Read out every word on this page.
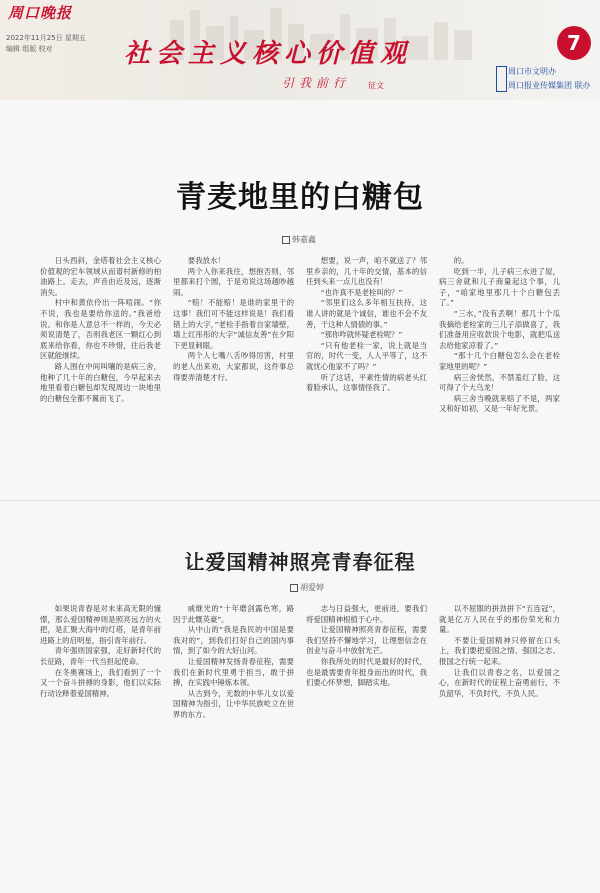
周口晚报
2022年11月25日 星期五
编辑 组版 校对	社会主义核心价值观
引我前行 征文
7
周口市文明办
周口报业传媒集团 联办
青麦地里的白糖包
韩嘉鑫

日头西斜，金塔着社会主义核心价值观的宏车领域从而谱村新修的柏油路上。走去，声音由近及远，逐渐消失。

村中和黄依伶出一阵喧闹。“你不说，我也是要给你送的。”我爸给说。和你是人意总不一样的，今天必须说清楚了，否则我老区一颗红心到底来给你看，你也不珍惜，往后我老区就能继续。

路人围在中间叫嚷的是病三舍，他种了几十年的白糖包，今早起来去地里看着白糖包却发现周边一块地里的白糖包全都不翼而飞了。

要我放水！

两个人你来我往，想抱否则，邻里都来打个圆，于是劝说这场越吵越闹。

“赔！不能赔！是谁的家里干的这事！我们可不能这样说是！我们看错上的大字，”老栓手指着自家墙壁，墙上红彤彤的大字“诚信友善”在夕阳下更显刺眼。

两个人七嘴八舌吵得厉害，村里的老人出来劝，大家都说，这件事总得要弄清楚才行。

想要，说一声，咱不就送了？邻里乡亲的，几十年的交情，基本的信任到头来一点儿也没有！

“也许真不是老栓叫的？”

“邻里们这么多年相互扶持，这谁人讲的就是个诚信，谁也不会不友善，干这种人情债的事。”

“那你咋就怀疑老栓呢？”

“只有他老栓一家，说上就是当官的，时代一变，人人平等了，这不就忧心他家不了吗？”

听了这话，平素性情的病老头红着脸承认，这事情怪我了。

的。

吃到一半，儿子病三水进了屋，病三舍就和儿子商量起这个事，儿子，“咱家地里那几十个白糖包丢了。”

“三水，”没有丢啊！那几十个瓜我摘给老栓家的三儿子添做喜了，我们准备用应收款说个电影，就把瓜送去给他家凉着了。”

“那十几个白糖包怎么会在老栓家地里的呢？”

病三舍恍然，不禁羞红了脸，这可得了个大乌龙！

病三舍当晚就来赔了不是，两家又和好如初，又是一年好光景。

让爱国精神照亮青春征程
胡爱婷

如果说青春是对未来高无限的憧憬，那么爱国精神则是照亮远方的火把，是汇聚大海中的灯塔，是青年前进路上的启明星，指引青年前行。

青年强则国家强，走好新时代的长征路，青年一代当担起使命。

在冬奥赛场上，我们看到了一个又一个奋斗拼搏的身影，他们以实际行动诠释着爱国精神。

戚继光的“十年磨剑露色寒，路因于此慨英豪”。

从中山的“我是我民的中国是要我对的”，到我们打好自己的国内事情，到了如今的大好山河。

让爱国精神发扬青春征程，需要我们在新时代里勇于担当，敢于拼搏，在实践中锤炼本领。

从古到今，无数的中华儿女以爱国精神为指引，让中华民族屹立在世界的东方。

志与日益强大，更前进，要我们将爱国精神根植于心中。

让爱国精神照亮青春征程，需要我们坚持不懈地学习，让理想信念在创业与奋斗中放射光芒。

你我所处的时代是最好的时代，也是最需要青年挺身而出的时代，我们要心怀梦想，脚踏实地。

以不屈服的拼劲拼下“五连冠”，就是亿万人民在乎的那份荣光和力量。

不要让爱国精神只停留在口头上，我们要把爱国之情、强国之志、报国之行统一起来。

让我们以青春之名，以爱国之心，在新时代的征程上奋勇前行，不负韶华，不负时代，不负人民。
